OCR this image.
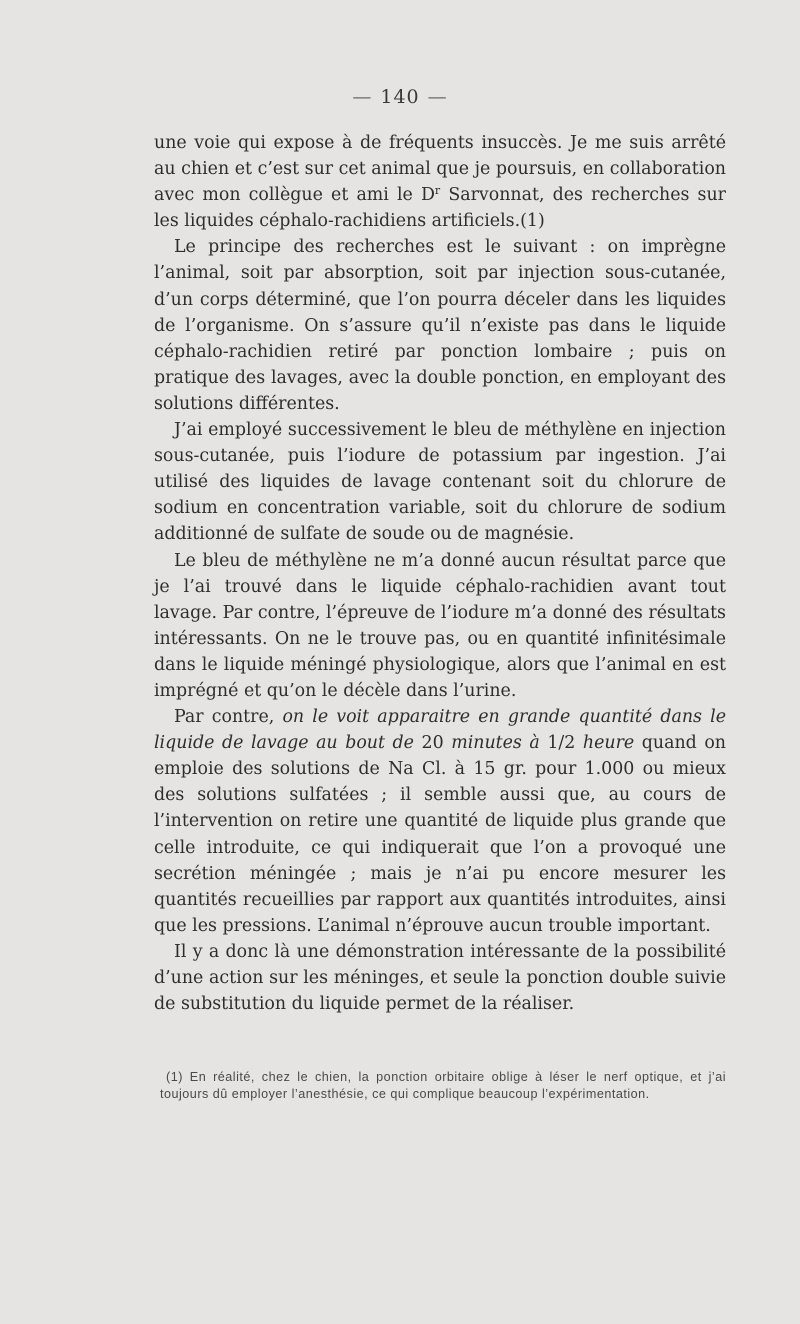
— 140 —

une voie qui expose à de fréquents insuccès. Je me suis arrêté au chien et c’est sur cet animal que je poursuis, en collaboration avec mon collègue et ami le $D^r$ Sarvonnat, des recherches sur les liquides céphalo-rachidiens artificiels.(1)

Le principe des recherches est le suivant : on imprègne l’animal, soit par absorption, soit par injection sous-cutanée, d’un corps déterminé, que l’on pourra déceler dans les liquides de l’organisme. On s’assure qu’il n’existe pas dans le liquide céphalo-rachidien retiré par ponction lombaire ; puis on pratique des lavages, avec la double ponction, en employant des solutions différentes.

J’ai employé successivement le bleu de méthylène en injection sous-cutanée, puis l’iodure de potassium par ingestion. J’ai utilisé des liquides de lavage contenant soit du chlorure de sodium en concentration variable, soit du chlorure de sodium additionné de sulfate de soude ou de magnésie.

Le bleu de méthylène ne m’a donné aucun résultat parce que je l’ai trouvé dans le liquide céphalo-rachidien avant tout lavage. Par contre, l’épreuve de l’iodure m’a donné des résultats intéressants. On ne le trouve pas, ou en quantité infinitésimale dans le liquide méningé physiologique, alors que l’animal en est imprégné et qu’on le décèle dans l’urine.

Par contre, on le voit apparaitre en grande quantité dans le liquide de lavage au bout de 20 minutes à 1/2 heure quand on emploie des solutions de Na Cl. à 15 gr. pour 1.000 ou mieux des solutions sulfatées ; il semble aussi que, au cours de l’intervention on retire une quantité de liquide plus grande que celle introduite, ce qui indiquerait que l’on a provoqué une secrétion méningée ; mais je n’ai pu encore mesurer les quantités recueillies par rapport aux quantités introduites, ainsi que les pressions. L’animal n’éprouve aucun trouble important.

Il y a donc là une démonstration intéressante de la possibilité d’une action sur les méninges, et seule la ponction double suivie de substitution du liquide permet de la réaliser.

(1) En réalité, chez le chien, la ponction orbitaire oblige à léser le nerf optique, et j’ai toujours dû employer l’anesthésie, ce qui complique beaucoup l’expérimentation.
